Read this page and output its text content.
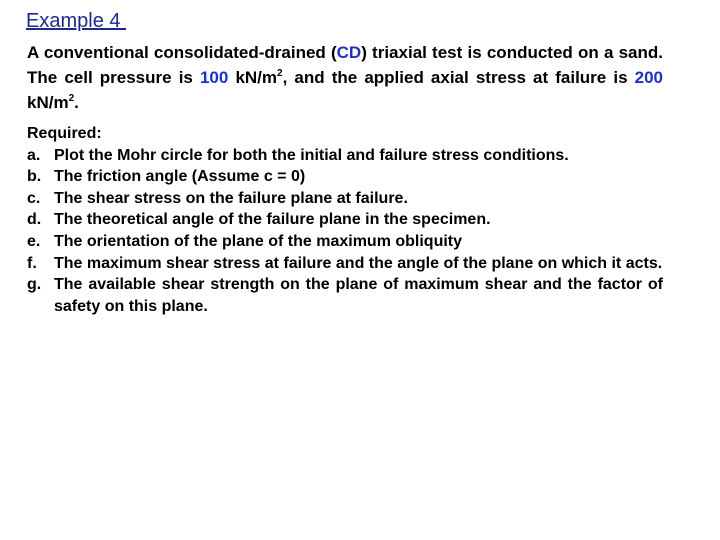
Example 4

A conventional consolidated-drained (CD) triaxial test is conducted on a sand. The cell pressure is 100 $kN/m^2$, and the applied axial stress at failure is 200 $kN/m^2$.

Required:
a. Plot the Mohr circle for both the initial and failure stress conditions.
b. The friction angle (Assume c = 0)
c. The shear stress on the failure plane at failure.
d. The theoretical angle of the failure plane in the specimen.
e. The orientation of the plane of the maximum obliquity
f.	The maximum shear stress at failure and the angle of the plane on which it acts.
g. The available shear strength on the plane of maximum shear and the factor of safety on this plane.
